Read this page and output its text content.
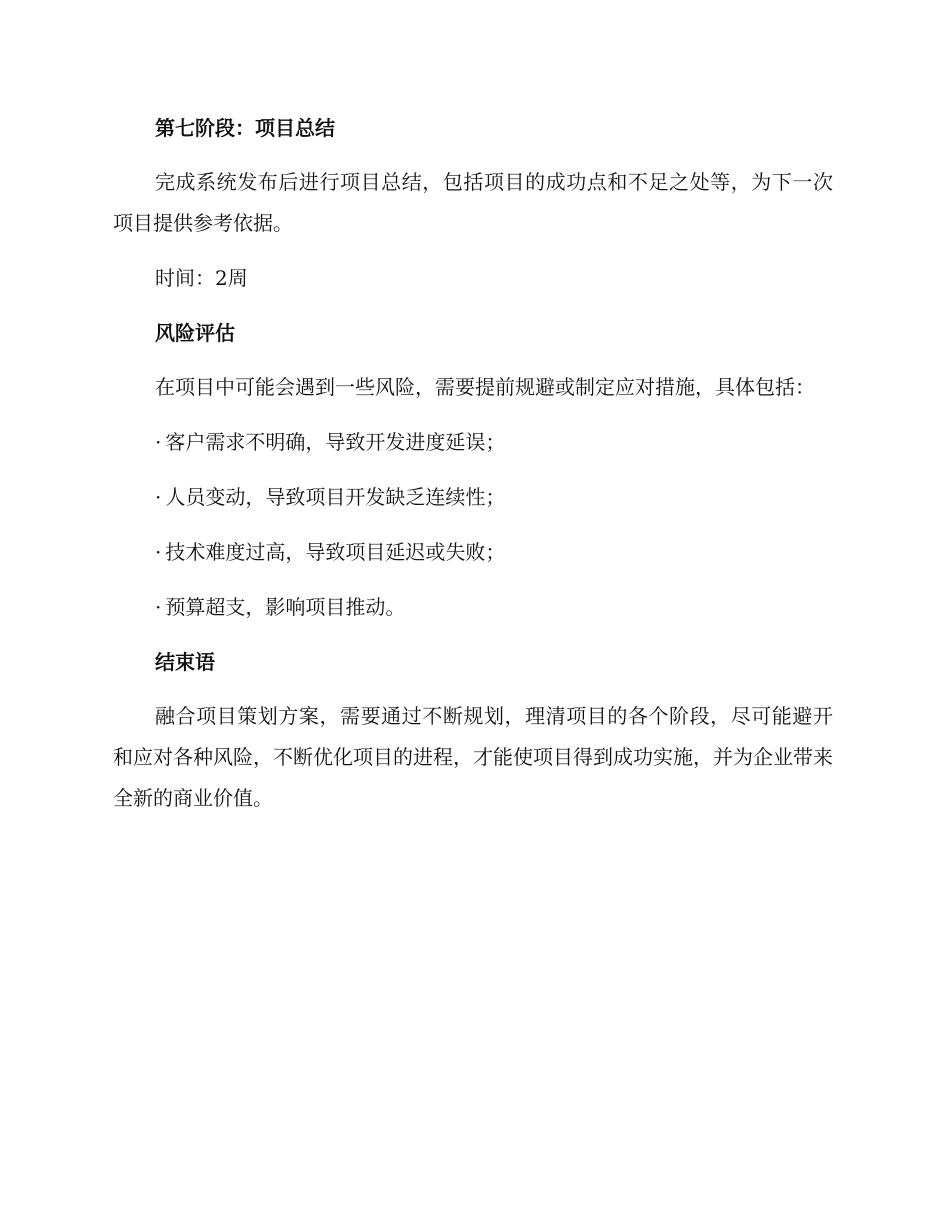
第七阶段：项目总结

完成系统发布后进行项目总结，包括项目的成功点和不足之处等，为下一次项目提供参考依据。

时间：2周

风险评估

在项目中可能会遇到一些风险，需要提前规避或制定应对措施，具体包括：

· 客户需求不明确，导致开发进度延误；
· 人员变动，导致项目开发缺乏连续性；
· 技术难度过高，导致项目延迟或失败；
· 预算超支，影响项目推动。
结束语

融合项目策划方案，需要通过不断规划，理清项目的各个阶段，尽可能避开和应对各种风险，不断优化项目的进程，才能使项目得到成功实施，并为企业带来全新的商业价值。
